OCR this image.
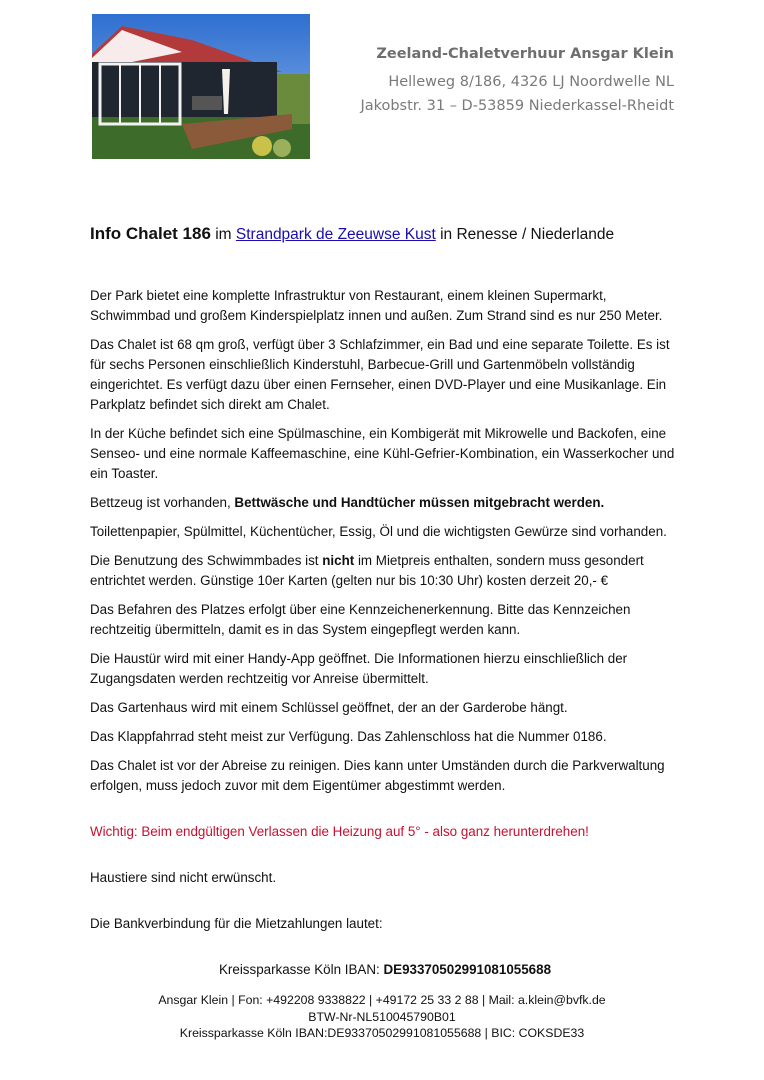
Zeeland-Chaletverhuur Ansgar Klein
Helleweg 8/186, 4326 LJ Noordwelle NL
Jakobstr. 31 – D-53859 Niederkassel-Rheidt
Info Chalet 186 im Strandpark de Zeeuwse Kust in Renesse / Niederlande

Der Park bietet eine komplette Infrastruktur von Restaurant, einem kleinen Supermarkt, Schwimmbad und großem Kinderspielplatz innen und außen. Zum Strand sind es nur 250 Meter.

Das Chalet ist 68 qm groß, verfügt über 3 Schlafzimmer, ein Bad und eine separate Toilette. Es ist für sechs Personen einschließlich Kinderstuhl, Barbecue-Grill und Gartenmöbeln vollständig eingerichtet. Es verfügt dazu über einen Fernseher, einen DVD-Player und eine Musikanlage. Ein Parkplatz befindet sich direkt am Chalet.

In der Küche befindet sich eine Spülmaschine, ein Kombigerät mit Mikrowelle und Backofen, eine Senseo- und eine normale Kaffeemaschine, eine Kühl-Gefrier-Kombination, ein Wasserkocher und ein Toaster.

Bettzeug ist vorhanden, Bettwäsche und Handtücher müssen mitgebracht werden.

Toilettenpapier, Spülmittel, Küchentücher, Essig, Öl und die wichtigsten Gewürze sind vorhanden.

Die Benutzung des Schwimmbades ist nicht im Mietpreis enthalten, sondern muss gesondert entrichtet werden. Günstige 10er Karten (gelten nur bis 10:30 Uhr) kosten derzeit 20,- €

Das Befahren des Platzes erfolgt über eine Kennzeichenerkennung. Bitte das Kennzeichen rechtzeitig übermitteln, damit es in das System eingepflegt werden kann.

Die Haustür wird mit einer Handy-App geöffnet. Die Informationen hierzu einschließlich der Zugangsdaten werden rechtzeitig vor Anreise übermittelt.

Das Gartenhaus wird mit einem Schlüssel geöffnet, der an der Garderobe hängt.

Das Klappfahrrad steht meist zur Verfügung. Das Zahlenschloss hat die Nummer 0186.

Das Chalet ist vor der Abreise zu reinigen. Dies kann unter Umständen durch die Parkverwaltung erfolgen, muss jedoch zuvor mit dem Eigentümer abgestimmt werden.

Wichtig: Beim endgültigen Verlassen die Heizung auf 5° - also ganz herunterdrehen!

Haustiere sind nicht erwünscht.

Die Bankverbindung für die Mietzahlungen lautet:

Kreissparkasse Köln IBAN: DE93370502991081055688

Ansgar Klein | Fon: +492208 9338822 | +49172 25 33 2 88 | Mail: a.klein@bvfk.de
BTW-Nr-NL510045790B01
Kreissparkasse Köln IBAN:DE93370502991081055688 | BIC: COKSDE33
